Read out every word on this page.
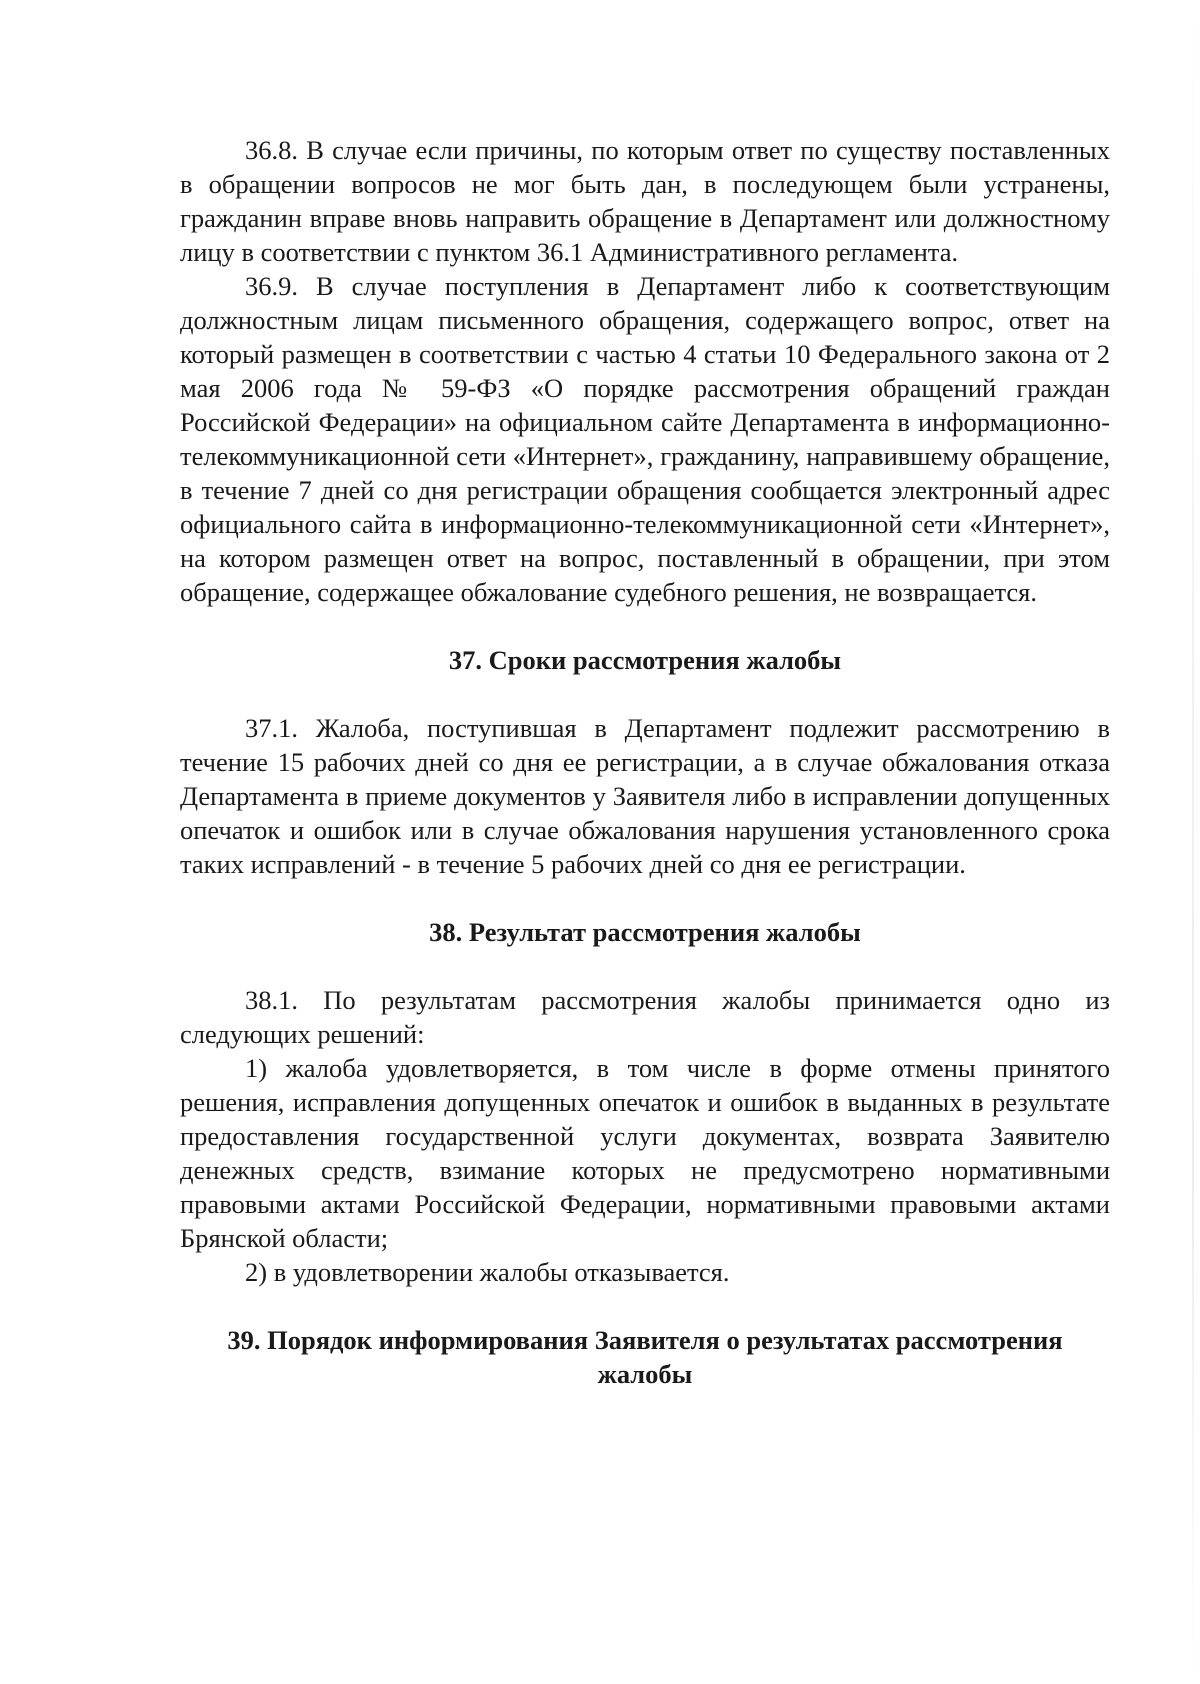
36.8. В случае если причины, по которым ответ по существу поставленных в обращении вопросов не мог быть дан, в последующем были устранены, гражданин вправе вновь направить обращение в Департамент или должностному лицу в соответствии с пунктом 36.1 Административного регламента.

36.9. В случае поступления в Департамент либо к соответствующим должностным лицам письменного обращения, содержащего вопрос, ответ на который размещен в соответствии с частью 4 статьи 10 Федерального закона от 2 мая 2006 года № 59-ФЗ «О порядке рассмотрения обращений граждан Российской Федерации» на официальном сайте Департамента в информационно-телекоммуникационной сети «Интернет», гражданину, направившему обращение, в течение 7 дней со дня регистрации обращения сообщается электронный адрес официального сайта в информационно-телекоммуникационной сети «Интернет», на котором размещен ответ на вопрос, поставленный в обращении, при этом обращение, содержащее обжалование судебного решения, не возвращается.

37. Сроки рассмотрения жалобы

37.1. Жалоба, поступившая в Департамент подлежит рассмотрению в течение 15 рабочих дней со дня ее регистрации, а в случае обжалования отказа Департамента в приеме документов у Заявителя либо в исправлении допущенных опечаток и ошибок или в случае обжалования нарушения установленного срока таких исправлений - в течение 5 рабочих дней со дня ее регистрации.

38. Результат рассмотрения жалобы

38.1. По результатам рассмотрения жалобы принимается одно из следующих решений:

1) жалоба удовлетворяется, в том числе в форме отмены принятого решения, исправления допущенных опечаток и ошибок в выданных в результате предоставления государственной услуги документах, возврата Заявителю денежных средств, взимание которых не предусмотрено нормативными правовыми актами Российской Федерации, нормативными правовыми актами Брянской области;

2) в удовлетворении жалобы отказывается.

39. Порядок информирования Заявителя о результатах рассмотрения жалобы
